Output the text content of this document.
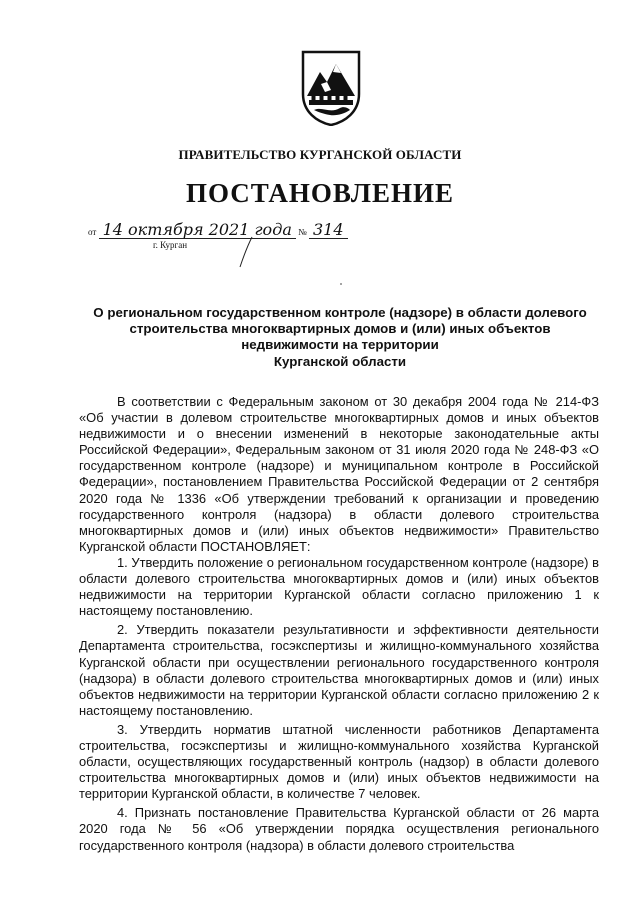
ПРАВИТЕЛЬСТВО КУРГАНСКОЙ ОБЛАСТИ
ПОСТАНОВЛЕНИЕ
от 14 октября 2021 года № 314
г. Курган
О региональном государственном контроле (надзоре) в области долевого
строительства многоквартирных домов и (или) иных объектов
недвижимости на территории
Курганской области

В соответствии с Федеральным законом от 30 декабря 2004 года № 214-ФЗ «Об участии в долевом строительстве многоквартирных домов и иных объектов недвижимости и о внесении изменений в некоторые законодательные акты Российской Федерации», Федеральным законом от 31 июля 2020 года № 248-ФЗ «О государственном контроле (надзоре) и муниципальном контроле в Российской Федерации», постановлением Правительства Российской Федерации от 2 сентября 2020 года № 1336 «Об утверждении требований к организации и проведению государственного контроля (надзора) в области долевого строительства многоквартирных домов и (или) иных объектов недвижимости» Правительство Курганской области ПОСТАНОВЛЯЕТ:

1. Утвердить положение о региональном государственном контроле (надзоре) в области долевого строительства многоквартирных домов и (или) иных объектов недвижимости на территории Курганской области согласно приложению 1 к настоящему постановлению.

2. Утвердить показатели результативности и эффективности деятельности Департамента строительства, госэкспертизы и жилищно-коммунального хозяйства Курганской области при осуществлении регионального государственного контроля (надзора) в области долевого строительства многоквартирных домов и (или) иных объектов недвижимости на территории Курганской области согласно приложению 2 к настоящему постановлению.

3. Утвердить норматив штатной численности работников Департамента строительства, госэкспертизы и жилищно-коммунального хозяйства Курганской области, осуществляющих государственный контроль (надзор) в области долевого строительства многоквартирных домов и (или) иных объектов недвижимости на территории Курганской области, в количестве 7 человек.

4. Признать постановление Правительства Курганской области от 26 марта 2020 года № 56 «Об утверждении порядка осуществления регионального государственного контроля (надзора) в области долевого строительства
